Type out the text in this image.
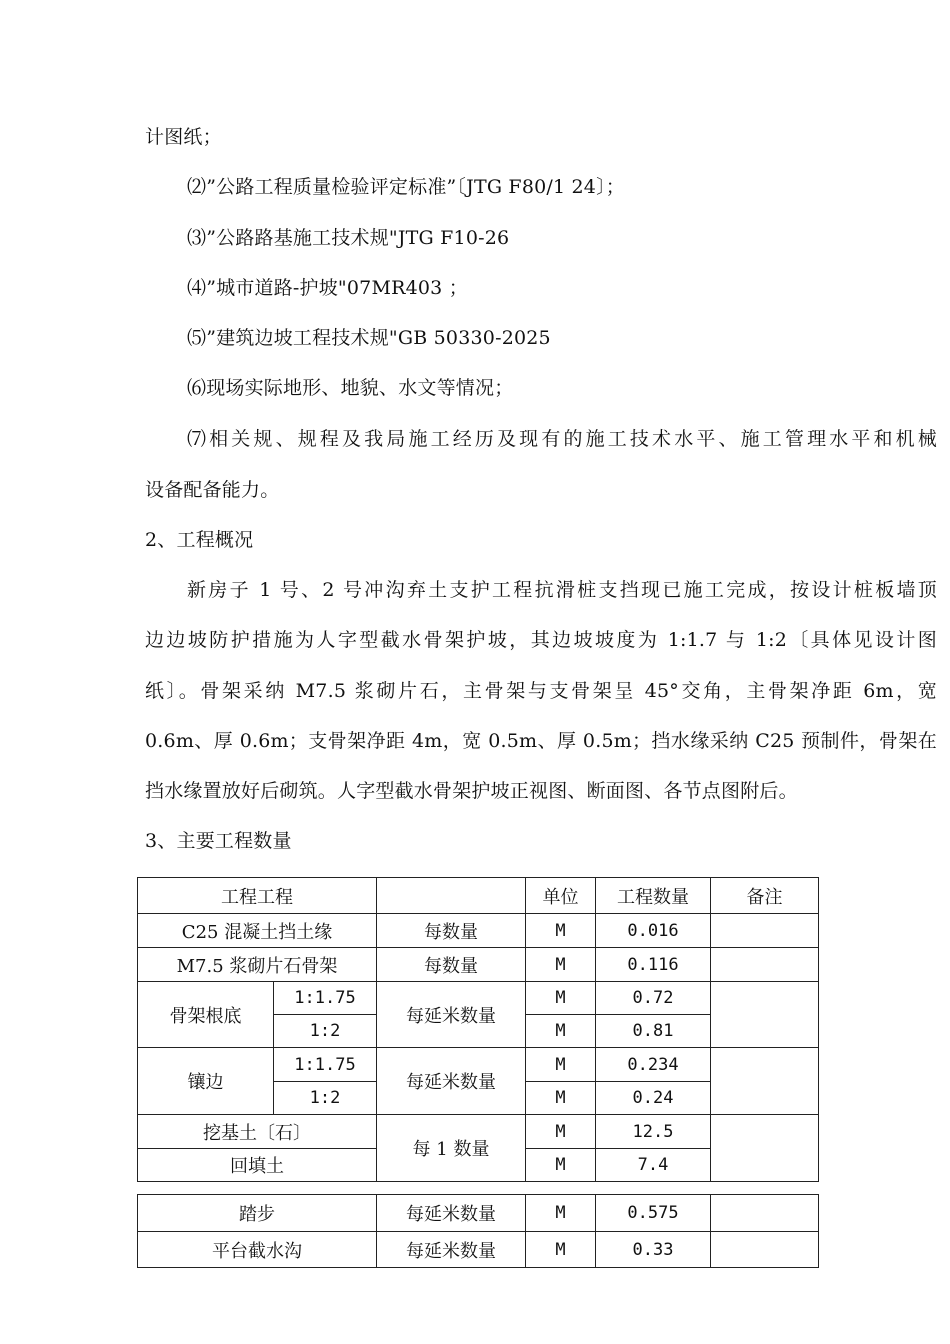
计图纸；
⑵”公路工程质量检验评定标准”〔JTG F80/1 24〕；
⑶”公路路基施工技术规"JTG F10-26
⑷”城市道路-护坡"07MR403 ；
⑸”建筑边坡工程技术规"GB 50330-2025
⑹现场实际地形、地貌、水文等情况；
⑺相关规、规程及我局施工经历及现有的施工技术水平、施工管理水平和机械
设备配备能力。
2、工程概况
新房子 1 号、2 号冲沟弃土支护工程抗滑桩支挡现已施工完成，按设计桩板墙顶
边边坡防护措施为人字型截水骨架护坡，其边坡坡度为 1:1.7 与 1:2〔具体见设计图
纸〕。骨架采纳 M7.5 浆砌片石，主骨架与支骨架呈 45°交角，主骨架净距 6m，宽
0.6m、厚 0.6m；支骨架净距 4m，宽 0.5m、厚 0.5m；挡水缘采纳 C25 预制件，骨架在
挡水缘置放好后砌筑。人字型截水骨架护坡正视图、断面图、各节点图附后。
3、主要工程数量
工程工程			单位	工程数量	备注
C25 混凝土挡土缘		每数量	M	0.016	
M7.5 浆砌片石骨架		每数量	M	0.116	
骨架根底	1:1.75	每延米数量	M	0.72	
	1:2		M	0.81	
镶边	1:1.75	每延米数量	M	0.234	
	1:2		M	0.24	
挖基土〔石〕		每 1 数量	M	12.5	
回填土			M	7.4	
踏步	每延米数量	M	0.575	
平台截水沟	每延米数量	M	0.33	
